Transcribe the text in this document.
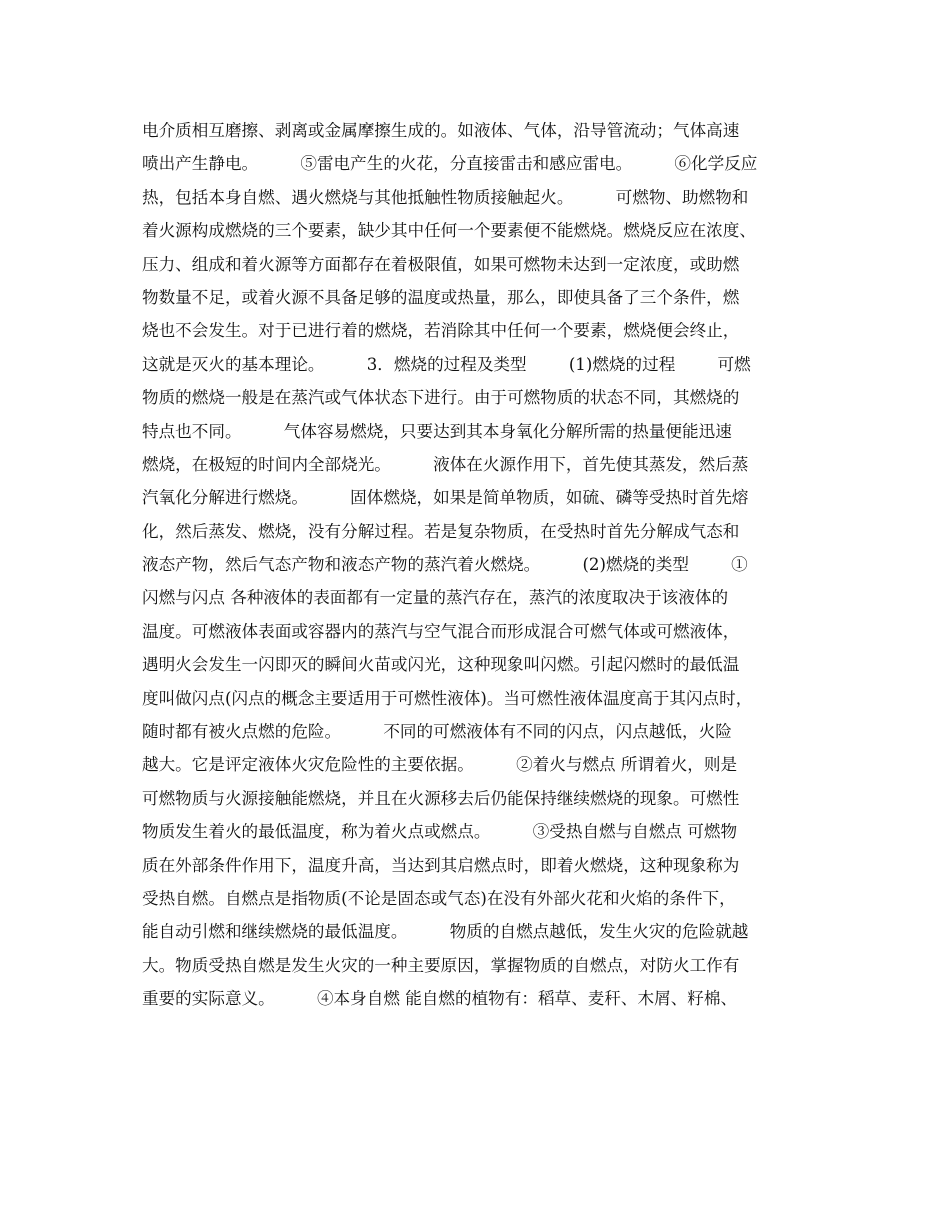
电介质相互磨擦、剥离或金属摩擦生成的。如液体、气体，沿导管流动；气体高速
喷出产生静电。        ⑤雷电产生的火花，分直接雷击和感应雷电。        ⑥化学反应
热，包括本身自燃、遇火燃烧与其他抵触性物质接触起火。        可燃物、助燃物和
着火源构成燃烧的三个要素，缺少其中任何一个要素便不能燃烧。燃烧反应在浓度、
压力、组成和着火源等方面都存在着极限值，如果可燃物未达到一定浓度，或助燃
物数量不足，或着火源不具备足够的温度或热量，那么，即使具备了三个条件，燃
烧也不会发生。对于已进行着的燃烧，若消除其中任何一个要素，燃烧便会终止，
这就是灭火的基本理论。        3．燃烧的过程及类型        (1)燃烧的过程        可燃
物质的燃烧一般是在蒸汽或气体状态下进行。由于可燃物质的状态不同，其燃烧的
特点也不同。        气体容易燃烧，只要达到其本身氧化分解所需的热量便能迅速
燃烧，在极短的时间内全部烧光。        液体在火源作用下，首先使其蒸发，然后蒸
汽氧化分解进行燃烧。        固体燃烧，如果是简单物质，如硫、磷等受热时首先熔
化，然后蒸发、燃烧，没有分解过程。若是复杂物质，在受热时首先分解成气态和
液态产物，然后气态产物和液态产物的蒸汽着火燃烧。        (2)燃烧的类型        ①
闪燃与闪点 各种液体的表面都有一定量的蒸汽存在，蒸汽的浓度取决于该液体的
温度。可燃液体表面或容器内的蒸汽与空气混合而形成混合可燃气体或可燃液体，
遇明火会发生一闪即灭的瞬间火苗或闪光，这种现象叫闪燃。引起闪燃时的最低温
度叫做闪点(闪点的概念主要适用于可燃性液体)。当可燃性液体温度高于其闪点时，
随时都有被火点燃的危险。        不同的可燃液体有不同的闪点，闪点越低，火险
越大。它是评定液体火灾危险性的主要依据。        ②着火与燃点 所谓着火，则是
可燃物质与火源接触能燃烧，并且在火源移去后仍能保持继续燃烧的现象。可燃性
物质发生着火的最低温度，称为着火点或燃点。        ③受热自燃与自燃点 可燃物
质在外部条件作用下，温度升高，当达到其启燃点时，即着火燃烧，这种现象称为
受热自燃。自燃点是指物质(不论是固态或气态)在没有外部火花和火焰的条件下，
能自动引燃和继续燃烧的最低温度。        物质的自燃点越低，发生火灾的危险就越
大。物质受热自燃是发生火灾的一种主要原因，掌握物质的自燃点，对防火工作有
重要的实际意义。        ④本身自燃 能自燃的植物有：稻草、麦秆、木屑、籽棉、
